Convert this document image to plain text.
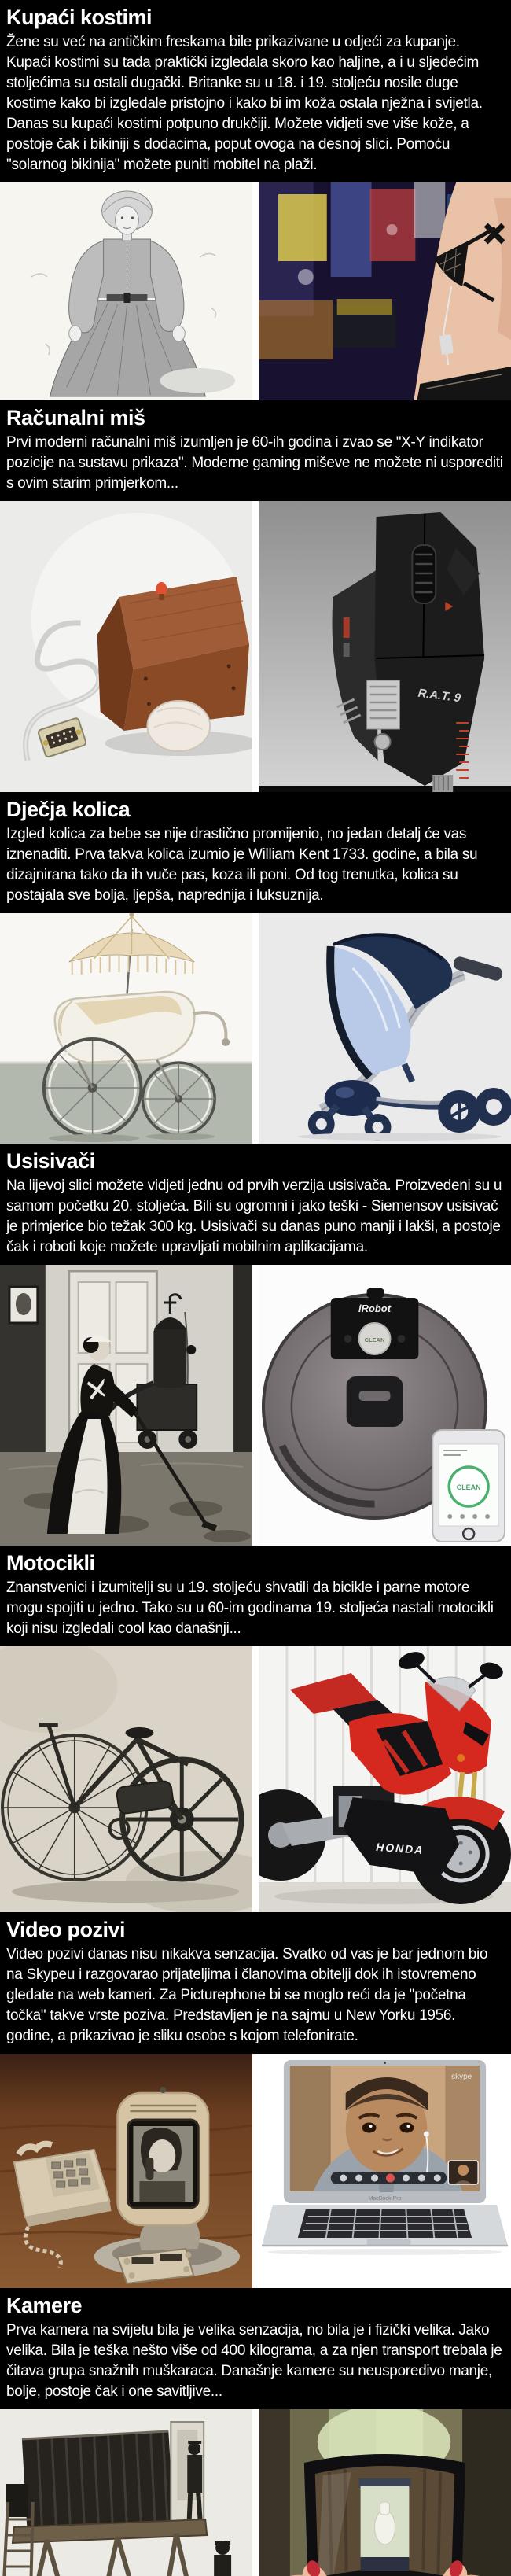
Kupaći kostimi

Žene su već na antičkim freskama bile prikazivane u odjeći za kupanje. Kupaći kostimi su tada praktički izgledala skoro kao haljine, a i u sljedećim stoljećima su ostali dugački. Britanke su u 18. i 19. stoljeću nosile duge kostime kako bi izgledale pristojno i kako bi im koža ostala nježna i svijetla. Danas su kupaći kostimi potpuno drukčiji. Možete vidjeti sve više kože, a postoje čak i bikiniji s dodacima, poput ovoga na desnoj slici. Pomoću "solarnog bikinija" možete puniti mobitel na plaži.

Računalni miš

Prvi moderni računalni miš izumljen je 60-ih godina i zvao se "X-Y indikator pozicije na sustavu prikaza". Moderne gaming miševe ne možete ni usporediti s ovim starim primjerkom...

R.A.T. 9
Dječja kolica

Izgled kolica za bebe se nije drastično promijenio, no jedan detalj će vas iznenaditi. Prva takva kolica izumio je William Kent 1733. godine, a bila su dizajnirana tako da ih vuče pas, koza ili poni. Od tog trenutka, kolica su postajala sve bolja, ljepša, naprednija i luksuznija.

Usisivači

Na lijevoj slici možete vidjeti jednu od prvih verzija usisivača. Proizvedeni su u samom početku 20. stoljeća. Bili su ogromni i jako teški - Siemensov usisivač je primjerice bio težak 300 kg. Usisivači su danas puno manji i lakši, a postoje čak i roboti koje možete upravljati mobilnim aplikacijama.

iRobot
CLEAN
CLEAN
Motocikli

Znanstvenici i izumitelji su u 19. stoljeću shvatili da bicikle i parne motore mogu spojiti u jedno. Tako su u 60-im godinama 19. stoljeća nastali motocikli koji nisu izgledali cool kao današnji...

HONDA
Video pozivi

Video pozivi danas nisu nikakva senzacija. Svatko od vas je bar jednom bio na Skypeu i razgovarao prijateljima i članovima obitelji dok ih istovremeno gledate na web kameri. Za Picturephone bi se moglo reći da je "početna točka" takve vrste poziva. Predstavljen je na sajmu u New Yorku 1956. godine, a prikazivao je sliku osobe s kojom telefonirate.

skype
MacBook Pro
Kamere

Prva kamera na svijetu bila je velika senzacija, no bila je i fizički velika. Jako velika. Bila je teška nešto više od 400 kilograma, a za njen transport trebala je čitava grupa snažnih muškaraca. Današnje kamere su neusporedivo manje, bolje, postoje čak i one savitljive...
